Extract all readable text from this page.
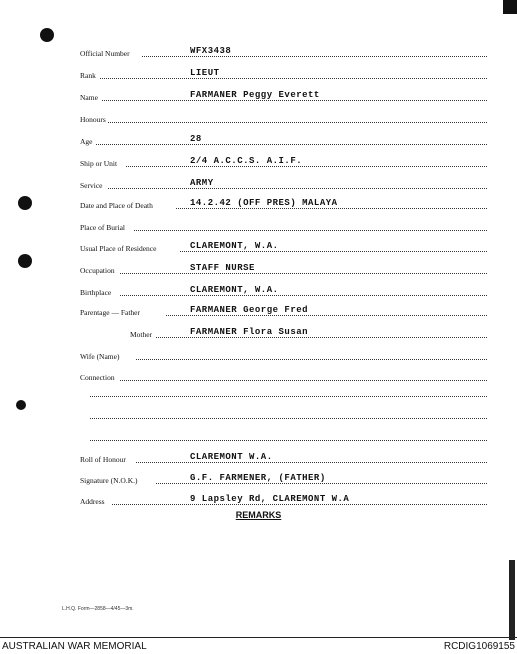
Official Number	WFX3438
Rank	LIEUT
Name	FARMANER Peggy Everett
Honours
Age	28
Ship or Unit	2/4 A.C.C.S. A.I.F.
Service	ARMY
Date and Place of Death	14.2.42 (OFF PRES) MALAYA
Place of Burial
Usual Place of Residence	CLAREMONT, W.A.
Occupation	STAFF NURSE
Birthplace	CLAREMONT, W.A.
Parentage — Father	FARMANER George Fred
Mother	FARMANER Flora Susan
Wife (Name)
Connection
Roll of Honour	CLAREMONT W.A.
Signature (N.O.K.)	G.F. FARMENER, (FATHER)
Address	9 Lapsley Rd, CLAREMONT W.A
REMARKS
L.H.Q. Form—2858—4/45—3m.
AUSTRALIAN WAR MEMORIAL	RCDIG1069155
